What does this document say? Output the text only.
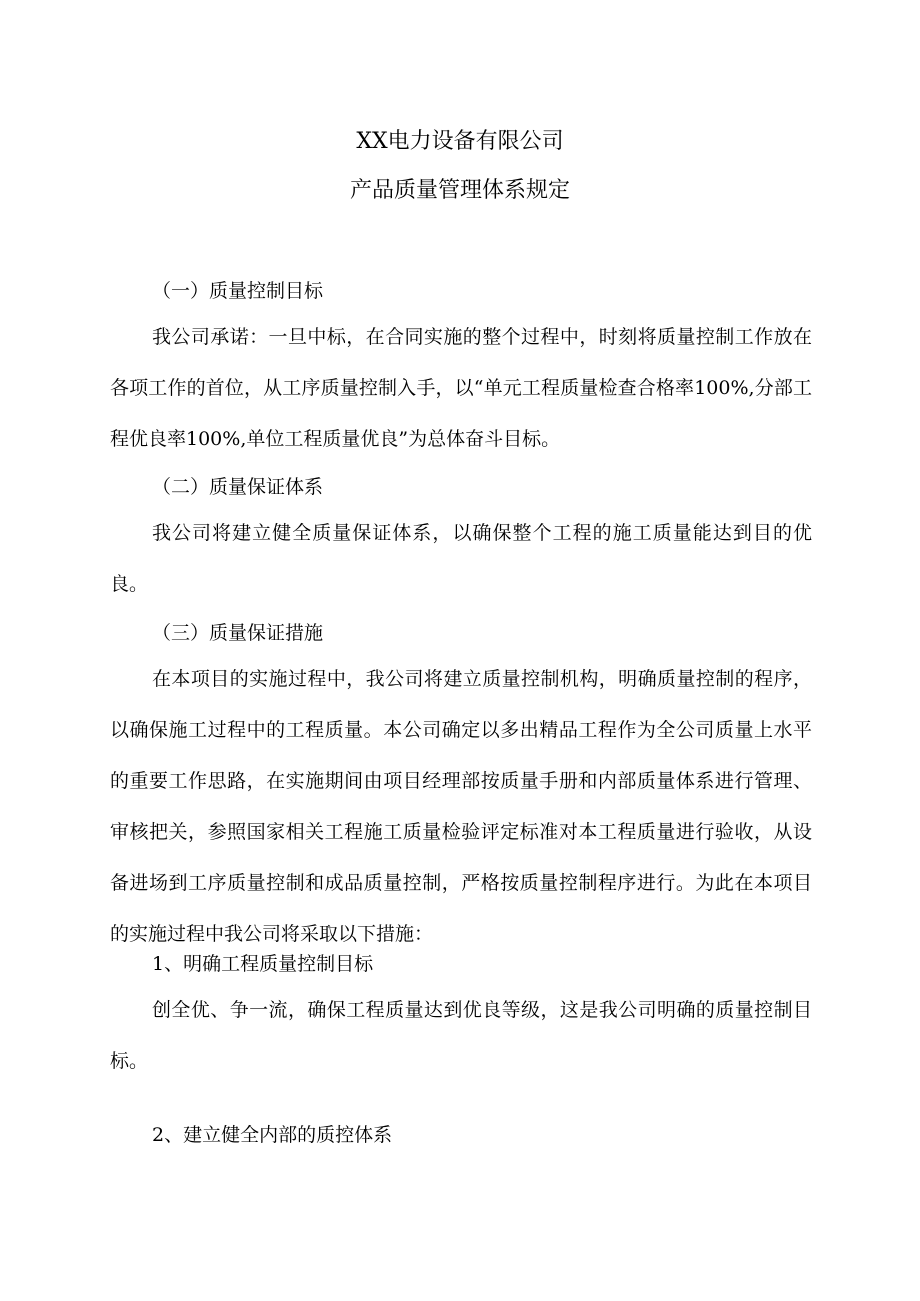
XX电力设备有限公司
产品质量管理体系规定

（一）质量控制目标

我公司承诺：一旦中标，在合同实施的整个过程中，时刻将质量控制工作放在各项工作的首位，从工序质量控制入手，以“单元工程质量检查合格率100%,分部工程优良率100%,单位工程质量优良”为总体奋斗目标。

（二）质量保证体系

我公司将建立健全质量保证体系，以确保整个工程的施工质量能达到目的优良。

（三）质量保证措施

在本项目的实施过程中，我公司将建立质量控制机构，明确质量控制的程序，以确保施工过程中的工程质量。本公司确定以多出精品工程作为全公司质量上水平的重要工作思路，在实施期间由项目经理部按质量手册和内部质量体系进行管理、审核把关，参照国家相关工程施工质量检验评定标准对本工程质量进行验收，从设备进场到工序质量控制和成品质量控制，严格按质量控制程序进行。为此在本项目的实施过程中我公司将采取以下措施：

1、明确工程质量控制目标

创全优、争一流，确保工程质量达到优良等级，这是我公司明确的质量控制目标。

2、建立健全内部的质控体系
